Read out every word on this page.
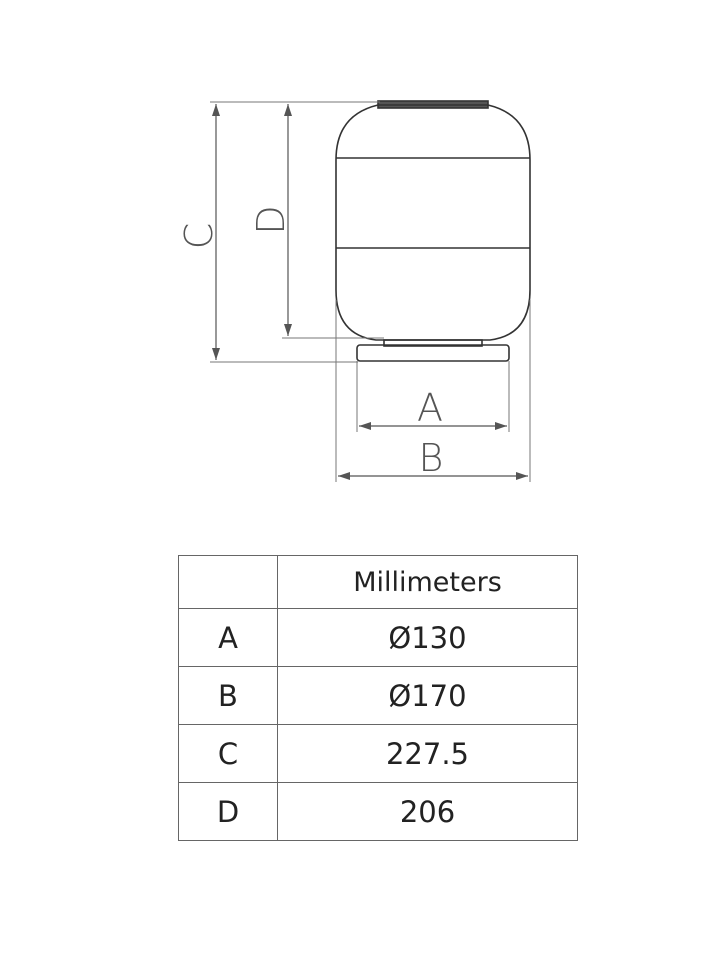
C
D
A
B
	Millimeters
A	Ø130
B	Ø170
C	227.5
D	206
